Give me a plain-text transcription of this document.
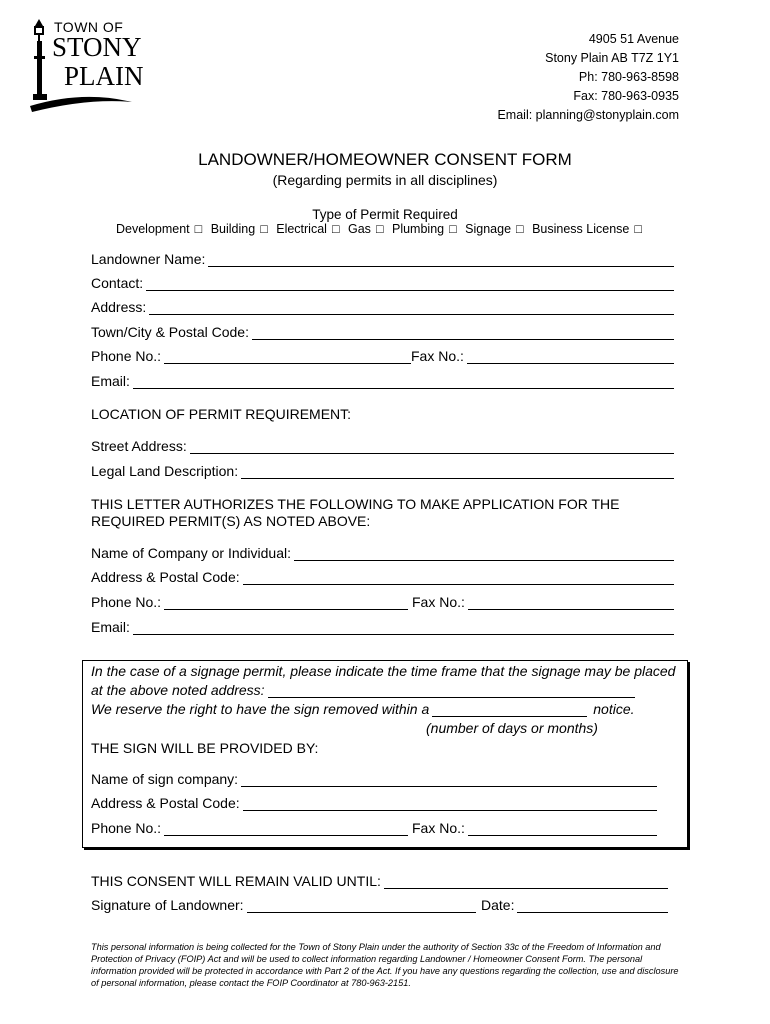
TOWN OF
STONY
PLAIN
4905 51 Avenue
Stony Plain AB T7Z 1Y1
Ph: 780-963-8598
Fax: 780-963-0935
Email: planning@stonyplain.com
LANDOWNER/HOMEOWNER CONSENT FORM
(Regarding permits in all disciplines)
Type of Permit Required
Development □ Building □ Electrical □ Gas □ Plumbing □ Signage □ Business License □
Landowner Name:
Contact:
Address:
Town/City & Postal Code:
Phone No.:	Fax No.:
Email:
LOCATION OF PERMIT REQUIREMENT:
Street Address:
Legal Land Description:
THIS LETTER AUTHORIZES THE FOLLOWING TO MAKE APPLICATION FOR THE
REQUIRED PERMIT(S) AS NOTED ABOVE:
Name of Company or Individual:
Address & Postal Code:
Phone No.:	Fax No.:
Email:
In the case of a signage permit, please indicate the time frame that the signage may be placed
at the above noted address:
We reserve the right to have the sign removed within a	notice.
(number of days or months)
THE SIGN WILL BE PROVIDED BY:
Name of sign company:
Address & Postal Code:
Phone No.:	Fax No.:
THIS CONSENT WILL REMAIN VALID UNTIL:
Signature of Landowner:	Date:
This personal information is being collected for the Town of Stony Plain under the authority of Section 33c of the Freedom of Information and Protection of Privacy (FOIP) Act and will be used to collect information regarding Landowner / Homeowner Consent Form. The personal information provided will be protected in accordance with Part 2 of the Act. If you have any questions regarding the collection, use and disclosure of personal information, please contact the FOIP Coordinator at 780-963-2151.
